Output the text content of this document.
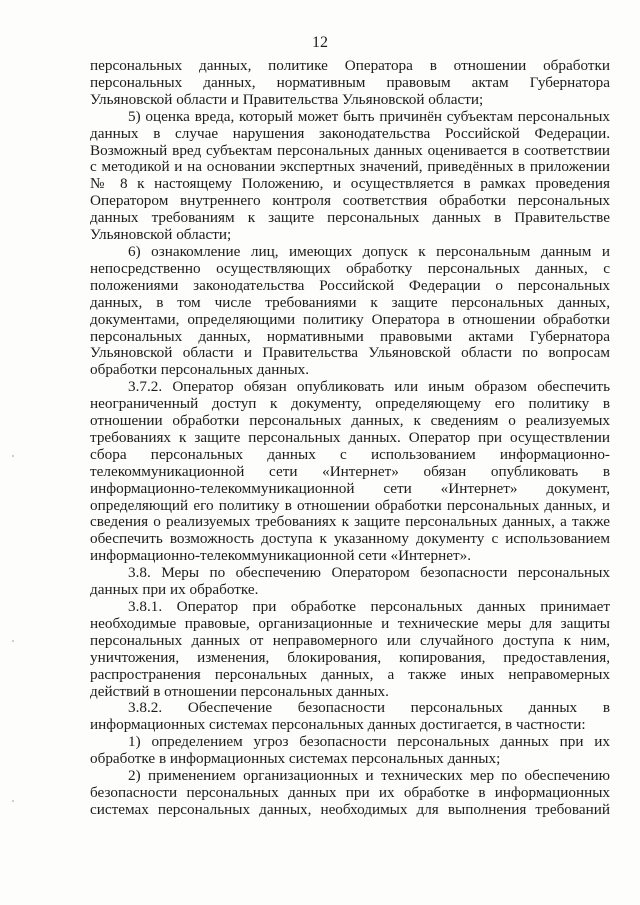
12

персональных данных, политике Оператора в отношении обработки персональных данных, нормативным правовым актам Губернатора Ульяновской области и Правительства Ульяновской области;

5) оценка вреда, который может быть причинён субъектам персональных данных в случае нарушения законодательства Российской Федерации. Возможный вред субъектам персональных данных оценивается в соответствии с методикой и на основании экспертных значений, приведённых в приложении № 8 к настоящему Положению, и осуществляется в рамках проведения Оператором внутреннего контроля соответствия обработки персональных данных требованиям к защите персональных данных в Правительстве Ульяновской области;

6) ознакомление лиц, имеющих допуск к персональным данным и непосредственно осуществляющих обработку персональных данных, с положениями законодательства Российской Федерации о персональных данных, в том числе требованиями к защите персональных данных, документами, определяющими политику Оператора в отношении обработки персональных данных, нормативными правовыми актами Губернатора Ульяновской области и Правительства Ульяновской области по вопросам обработки персональных данных.

3.7.2. Оператор обязан опубликовать или иным образом обеспечить неограниченный доступ к документу, определяющему его политику в отношении обработки персональных данных, к сведениям о реализуемых требованиях к защите персональных данных. Оператор при осуществлении сбора персональных данных с использованием информационно-телекоммуникационной сети «Интернет» обязан опубликовать в информационно-телекоммуникационной сети «Интернет» документ, определяющий его политику в отношении обработки персональных данных, и сведения о реализуемых требованиях к защите персональных данных, а также обеспечить возможность доступа к указанному документу с использованием информационно-телекоммуникационной сети «Интернет».

3.8. Меры по обеспечению Оператором безопасности персональных данных при их обработке.

3.8.1. Оператор при обработке персональных данных принимает необходимые правовые, организационные и технические меры для защиты персональных данных от неправомерного или случайного доступа к ним, уничтожения, изменения, блокирования, копирования, предоставления, распространения персональных данных, а также иных неправомерных действий в отношении персональных данных.

3.8.2. Обеспечение безопасности персональных данных в информационных системах персональных данных достигается, в частности:

1) определением угроз безопасности персональных данных при их обработке в информационных системах персональных данных;

2) применением организационных и технических мер по обеспечению безопасности персональных данных при их обработке в информационных системах персональных данных, необходимых для выполнения требований
